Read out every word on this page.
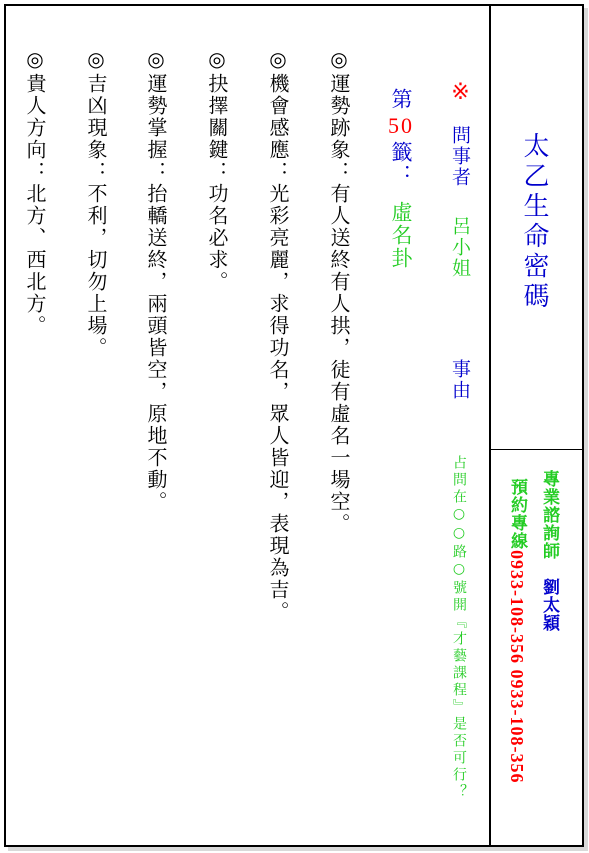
太乙生命密碼
專業諮詢師劉太穎
預約專線0933-108-356 0933-108-356
※問事者呂小姐事由
占問在○○路○號開『才藝課程』是否可行？
第50籤：虛名卦
◎運勢跡象：有人送終有人拱，徒有虛名一場空。
◎機會感應：光彩亮麗，求得功名，眾人皆迎，表現為吉。
◎抉擇關鍵：功名必求。
◎運勢掌握：抬轎送終，兩頭皆空，原地不動。
◎吉凶現象：不利，切勿上場。
◎貴人方向：北方、西北方。
